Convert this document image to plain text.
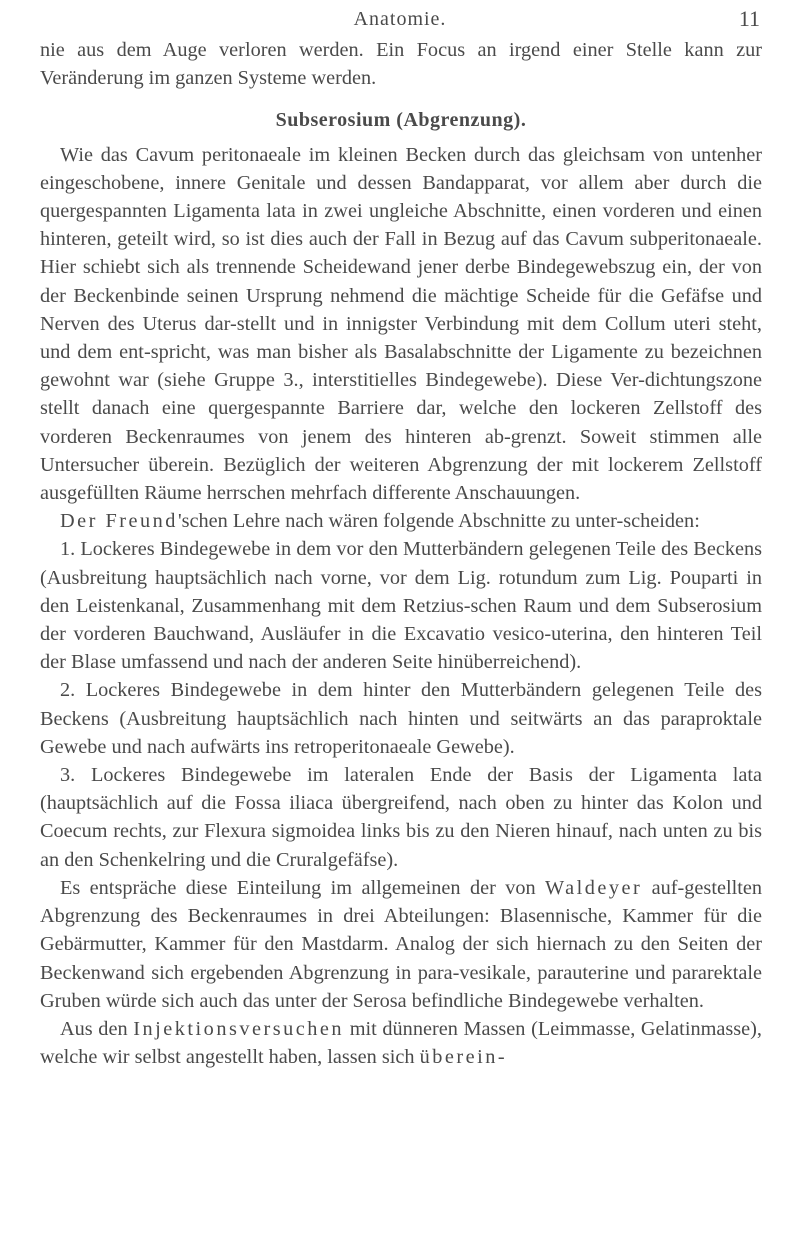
Anatomie.	11

nie aus dem Auge verloren werden. Ein Focus an irgend einer Stelle kann zur Veränderung im ganzen Systeme werden.

Subserosium (Abgrenzung).

Wie das Cavum peritonaeale im kleinen Becken durch das gleichsam von untenher eingeschobene, innere Genitale und dessen Bandapparat, vor allem aber durch die quergespannten Ligamenta lata in zwei ungleiche Abschnitte, einen vorderen und einen hinteren, geteilt wird, so ist dies auch der Fall in Bezug auf das Cavum subperitonaeale. Hier schiebt sich als trennende Scheidewand jener derbe Bindegewebszug ein, der von der Beckenbinde seinen Ursprung nehmend die mächtige Scheide für die Gefäfse und Nerven des Uterus dar-stellt und in innigster Verbindung mit dem Collum uteri steht, und dem ent-spricht, was man bisher als Basalabschnitte der Ligamente zu bezeichnen gewohnt war (siehe Gruppe 3., interstitielles Bindegewebe). Diese Ver-dichtungszone stellt danach eine quergespannte Barriere dar, welche den lockeren Zellstoff des vorderen Beckenraumes von jenem des hinteren ab-grenzt. Soweit stimmen alle Untersucher überein. Bezüglich der weiteren Abgrenzung der mit lockerem Zellstoff ausgefüllten Räume herrschen mehrfach differente Anschauungen.

Der Freund'schen Lehre nach wären folgende Abschnitte zu unter-scheiden:

1. Lockeres Bindegewebe in dem vor den Mutterbändern gelegenen Teile des Beckens (Ausbreitung hauptsächlich nach vorne, vor dem Lig. rotundum zum Lig. Pouparti in den Leistenkanal, Zusammenhang mit dem Retzius-schen Raum und dem Subserosium der vorderen Bauchwand, Ausläufer in die Excavatio vesico-uterina, den hinteren Teil der Blase umfassend und nach der anderen Seite hinüberreichend).

2. Lockeres Bindegewebe in dem hinter den Mutterbändern gelegenen Teile des Beckens (Ausbreitung hauptsächlich nach hinten und seitwärts an das paraproktale Gewebe und nach aufwärts ins retroperitonaeale Gewebe).

3. Lockeres Bindegewebe im lateralen Ende der Basis der Ligamenta lata (hauptsächlich auf die Fossa iliaca übergreifend, nach oben zu hinter das Kolon und Coecum rechts, zur Flexura sigmoidea links bis zu den Nieren hinauf, nach unten zu bis an den Schenkelring und die Cruralgefäfse).

Es entspräche diese Einteilung im allgemeinen der von Waldeyer auf-gestellten Abgrenzung des Beckenraumes in drei Abteilungen: Blasennische, Kammer für die Gebärmutter, Kammer für den Mastdarm. Analog der sich hiernach zu den Seiten der Beckenwand sich ergebenden Abgrenzung in para-vesikale, parauterine und pararektale Gruben würde sich auch das unter der Serosa befindliche Bindegewebe verhalten.

Aus den Injektionsversuchen mit dünneren Massen (Leimmasse, Gelatinmasse), welche wir selbst angestellt haben, lassen sich überein-
